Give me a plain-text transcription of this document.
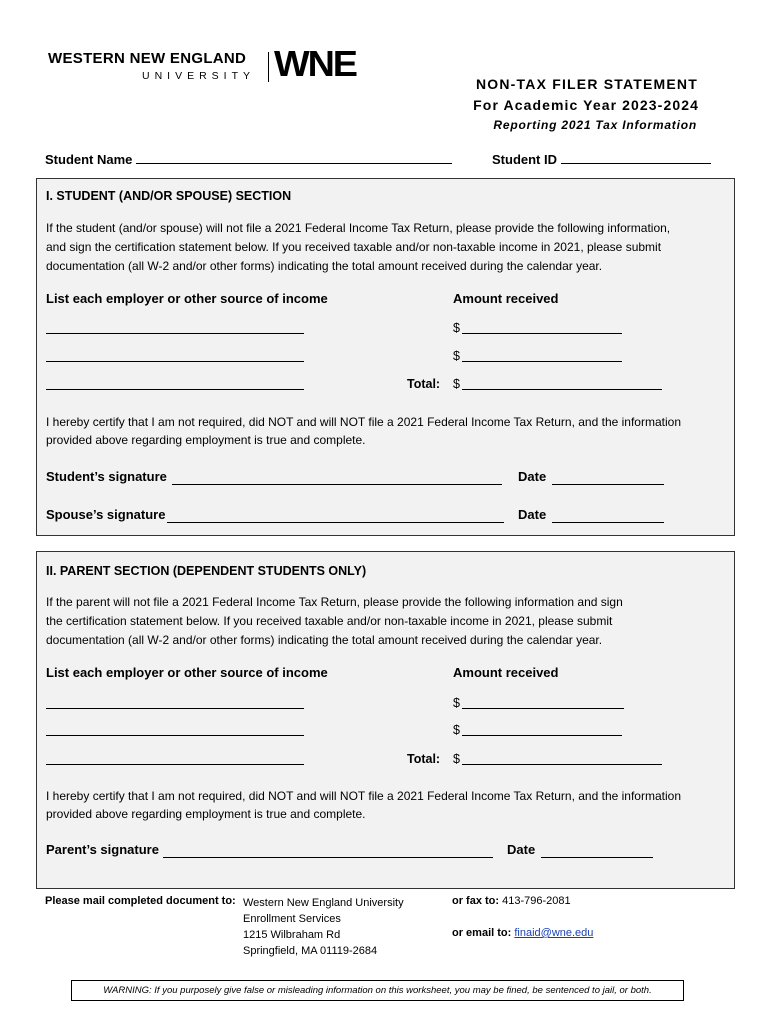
WESTERN NEW ENGLAND
UNIVERSITY WNE	NON-TAX FILER STATEMENT
For Academic Year 2023-2024
Reporting 2021 Tax Information
Student Name	Student ID
I. STUDENT (AND/OR SPOUSE) SECTION
If the student (and/or spouse) will not file a 2021 Federal Income Tax Return, please provide the following information,
and sign the certification statement below. If you received taxable and/or non-taxable income in 2021, please submit
documentation (all W-2 and/or other forms) indicating the total amount received during the calendar year.
List each employer or other source of income	Amount received
$
$
Total: $
I hereby certify that I am not required, did NOT and will NOT file a 2021 Federal Income Tax Return, and the information
provided above regarding employment is true and complete.
Student’s signature	Date
Spouse’s signature	Date
II. PARENT SECTION (DEPENDENT STUDENTS ONLY)
If the parent will not file a 2021 Federal Income Tax Return, please provide the following information and sign
the certification statement below. If you received taxable and/or non-taxable income in 2021, please submit
documentation (all W-2 and/or other forms) indicating the total amount received during the calendar year.
List each employer or other source of income	Amount received
$
$
Total: $
I hereby certify that I am not required, did NOT and will NOT file a 2021 Federal Income Tax Return, and the information
provided above regarding employment is true and complete.
Parent’s signature	Date
Please mail completed document to: Western New England University
Enrollment Services
1215 Wilbraham Rd
Springfield, MA 01119-2684
or fax to: 413-796-2081
or email to: finaid@wne.edu
WARNING: If you purposely give false or misleading information on this worksheet, you may be fined, be sentenced to jail, or both.
